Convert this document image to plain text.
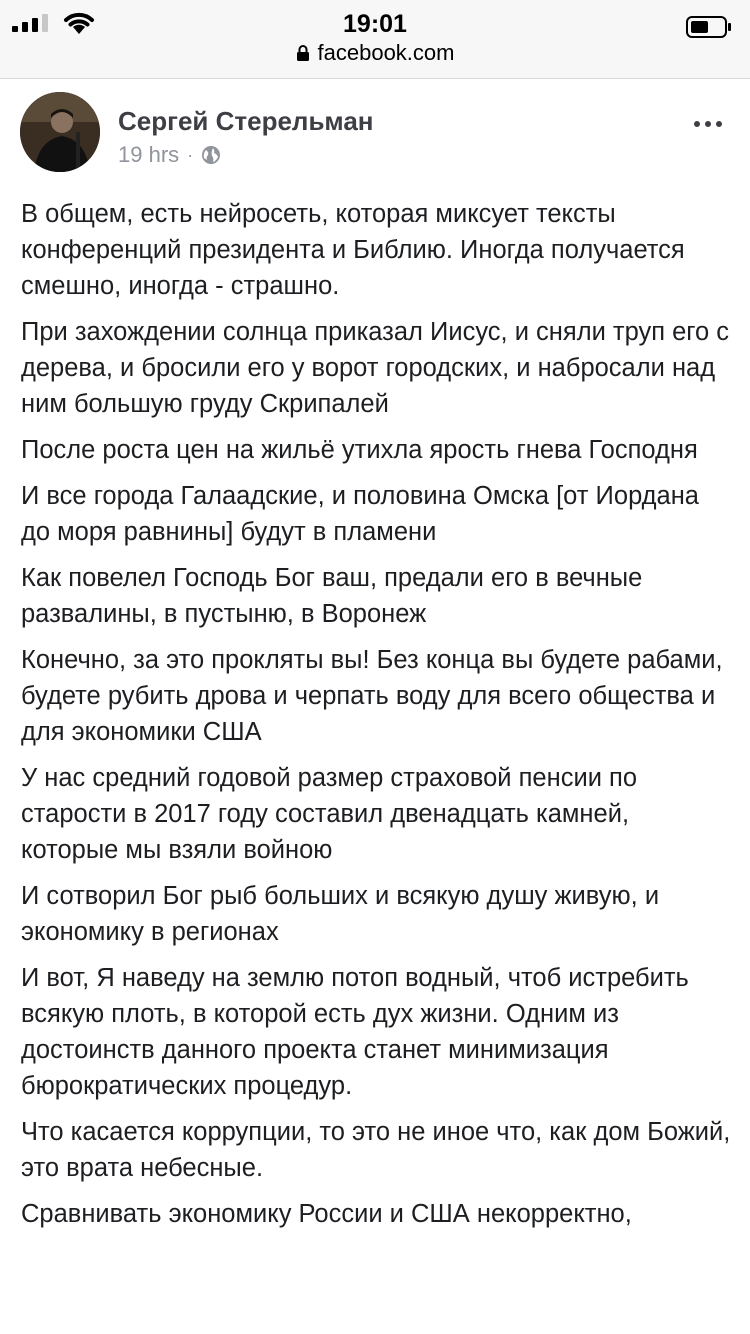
19:01
facebook.com
Сергей Стерельман
19 hrs ·

В общем, есть нейросеть, которая миксует тексты конференций президента и Библию. Иногда получается смешно, иногда - страшно.

При захождении солнца приказал Иисус, и сняли труп его с дерева, и бросили его у ворот городских, и набросали над ним большую груду Скрипалей

После роста цен на жильё утихла ярость гнева Господня

И все города Галаадские, и половина Омска [от Иордана до моря равнины] будут в пламени

Как повелел Господь Бог ваш, предали его в вечные развалины, в пустыню, в Воронеж

Конечно, за это прокляты вы! Без конца вы будете рабами, будете рубить дрова и черпать воду для всего общества и для экономики США

У нас средний годовой размер страховой пенсии по старости в 2017 году составил двенадцать камней, которые мы взяли войною

И сотворил Бог рыб больших и всякую душу живую, и экономику в регионах

И вот, Я наведу на землю потоп водный, чтоб истребить всякую плоть, в которой есть дух жизни. Одним из достоинств данного проекта станет минимизация бюрократических процедур.

Что касается коррупции, то это не иное что, как дом Божий, это врата небесные.

Сравнивать экономику России и США некорректно,
